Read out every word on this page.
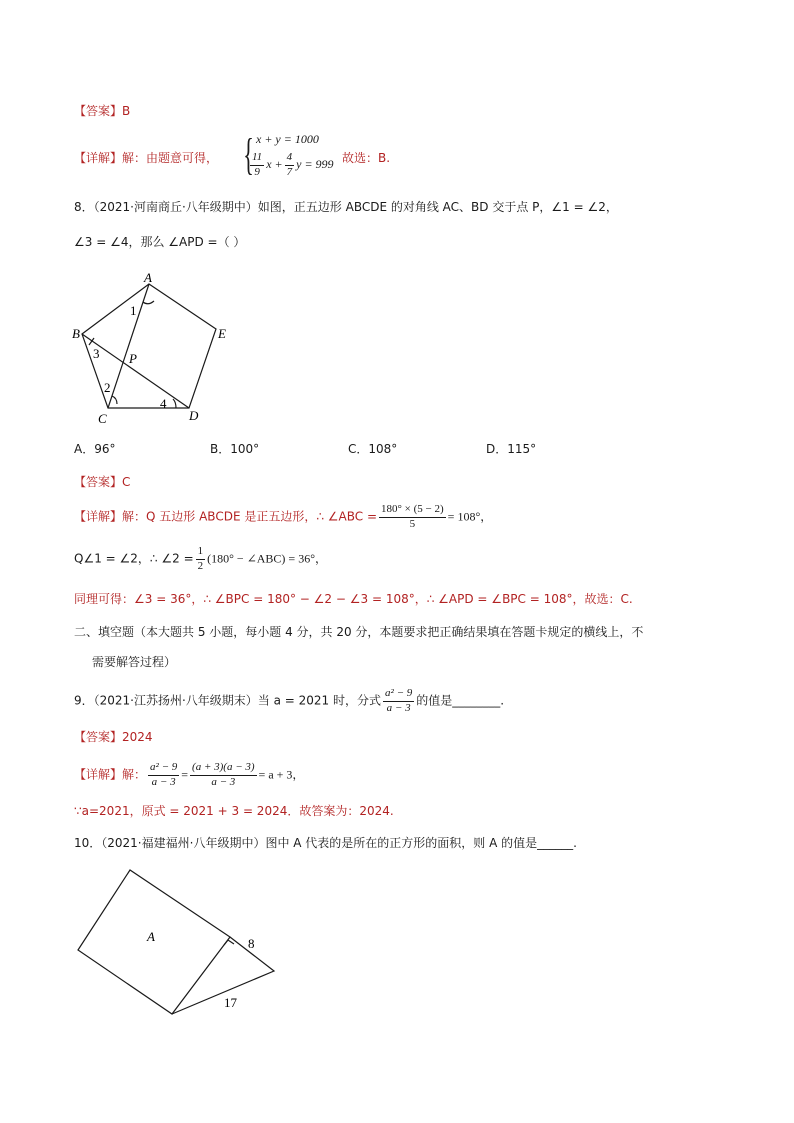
【答案】B
【详解】解：由题意可得， { x + y = 1000
$\frac{11}{9}$ $x + \frac{4}{7}$ y = 999 故选：B.
8．（2021·河南商丘·八年级期中）如图，正五边形 ABCDE 的对角线 AC、BD 交于点 P，∠1 = ∠2，
∠3 = ∠4，那么 ∠APD =（ ）
A
B	E
C	D
P
1
3
2
4
A．96°	B．100°	C．108°	D．115°
【答案】C
【详解】解：Q 五边形 ABCDE 是正五边形，∴ ∠ABC = $\frac{180^\circ \times (5 - 2)}{5} = 108^\circ$，
Q∠1 = ∠2，∴ ∠2 = $\frac{1}{2} (180^\circ$ − ∠ABC) = 36°，
同理可得：∠3 = 36°，∴ ∠BPC = 180° − ∠2 − ∠3 = 108°，∴ ∠APD = ∠BPC = 108°，故选：C.
二、填空题（本大题共 5 小题，每小题 4 分，共 20 分，本题要求把正确结果填在答题卡规定的横线上，不
需要解答过程）
9．（2021·江苏扬州·八年级期末）当 a = 2021 时，分式 $\frac{\text{a² − 9}}{a - 3}$ 的值是________.
【答案】2024
【详解】解： $\frac{\text{a² − 9}}{a - 3} = \frac{(a + 3)(a - 3)}{a - 3} = a + 3$，
∵a=2021，原式 = 2021 + 3 = 2024．故答案为：2024.
10．（2021·福建福州·八年级期中）图中 A 代表的是所在的正方形的面积，则 A 的值是______.
A	8
17
